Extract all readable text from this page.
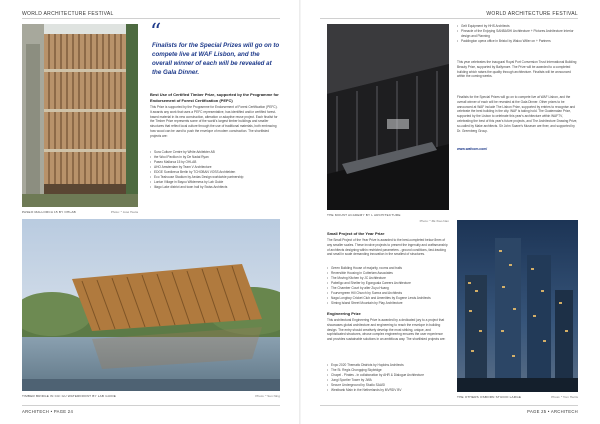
WORLD ARCHITECTURE FESTIVAL	WORLD ARCHITECTURE FESTIVAL
ARCHITECH • PAGE 24	PAGE 25 • ARCHITECH
PASEO MALLORCA 15 BY OHLAB	Photo: * José Hevia
“
Finalists for the Special Prizes will go on to compete live at WAF Lisbon, and the overall winner of each will be revealed at the Gala Dinner.
Best Use of Certified Timber Prize, supported by the Programme for Endorsement of Forest Certification (PEFC)
This Prize is supported by the Programme for Endorsement of Forest Certification (PEFC). It awards any work that uses a PEFC representative, has identified and/or certified forest-based material in its new construction, alteration or adaptive reuse project. Each finalist for the Timber Prize represents some of the world's largest timber buildings and smaller structures that reflect local culture through the use of traditional materials, both embracing how wood can be used to push the envelope of modern construction. The shortlisted projects are:
• Sura Culture Centre by White Arkitekter AB
• the Wool Pavilion in by De Nadai Ryan
• Paseo Mallorca 15 by OHLAB
• AHO Amsterdam by Team V Architecture
• EDGE Suedkreuz Berlin by TCHOBAN VOSS Architekten
• Eco Teahouse Stadium by Aedas Design worldwide partnership
• Lontar Village in Bayou Wilderness by Lab Guide
• Illago Lake district and town hall by Swiss Architects
TIMBER BRIDGE IN CUI GU WATERFRONT BY LAB GUIDE	Photo: * Sun Ning
THE MOUNT ACADEMY BY L ARCHITECTURE
Photo: * ZE Xiao Nan
Small Project of the Year Prize
The Small Project of the Year Prize is awarded to the best-completed below 8mm of any smaller scales. These involve projects to present the ingenuity and craftsmanship of architects designing within restricted parameters - ground conditions, fast-tracking and small in scale demanding innovation in the smallest of structures.
• Green Building House of majority, rooms and trails
• Reversible Housing in Cotterlam Associates
• The Moving Kitchen by JC Architecture
• Pabellgo and Shelter by Egongoala Careers Architecture
• The Chamber Court by alter Zuyu Huang
• Fourvergreen Hill Church by Sumra and Architects
• Naga Longboy Cricket Club and Amenities by Eugene Lewis Architects
• Siming Island Street Mountain by Play Architecture
Engineering Prize
This architectural Engineering Prize is awarded by a dedicated jury to a project that showcases global architecture and engineering to reach the envelope in building design. The entry should creatively develop the most striking, unique, and sophisticated structures, whose complex engineering ensures the user experience and provides sustainable solutions in an ambitious way. The shortlisted projects are:
• Expo 2020 Thematic Districts by Hopkins Architects
• The St. Regis Chongqing Skybridge
• Chapel - Pirates - in collaboration by AHR & Dialogue Architecture
• Jungi Sportler Tower by JWA
• Secure Underground by Studio SAASI
• Westbank Main in the Netherlands by MVRDV BV
• Gelt Equipment by HHS Architects
• Pinnacle of the Enjoying SANBASHI Architecture + Pictures Architecture Interior design and Planning
• Paddington opera office in Bristol by Waloo Willer on + Partners
This year celebrates the inaugural Royal Port Conversion Trust International Building Beauty Prize, supported by Ballymore. The Prize will be awarded to a completed building which raises the quality through architecture. Finalists will be announced within the coming weeks.
Finalists for the Special Prizes will go on to compete live at WAF Lisbon, and the overall winner of each will be revealed at the Gala Dinner. Other prizes to be announced at WAF include The Lisbon Prize, supported by entries to recognise and celebrate the best building in the city. WAF is taking hold. The Guatemalan Prize, supported by the Lisbon to celebrate this year's architecture within WAFTV, celebrating the best of this year's future projects, and The Architecture Drawing Prize, so-called by Make architects. Sir John Soane's Museum are finer, and supported by Dr. Greenberg Group.
www.wafcom.com/
THE OTHERS OSBORN STUDIO LARGE	Photo: * Tom Harris
